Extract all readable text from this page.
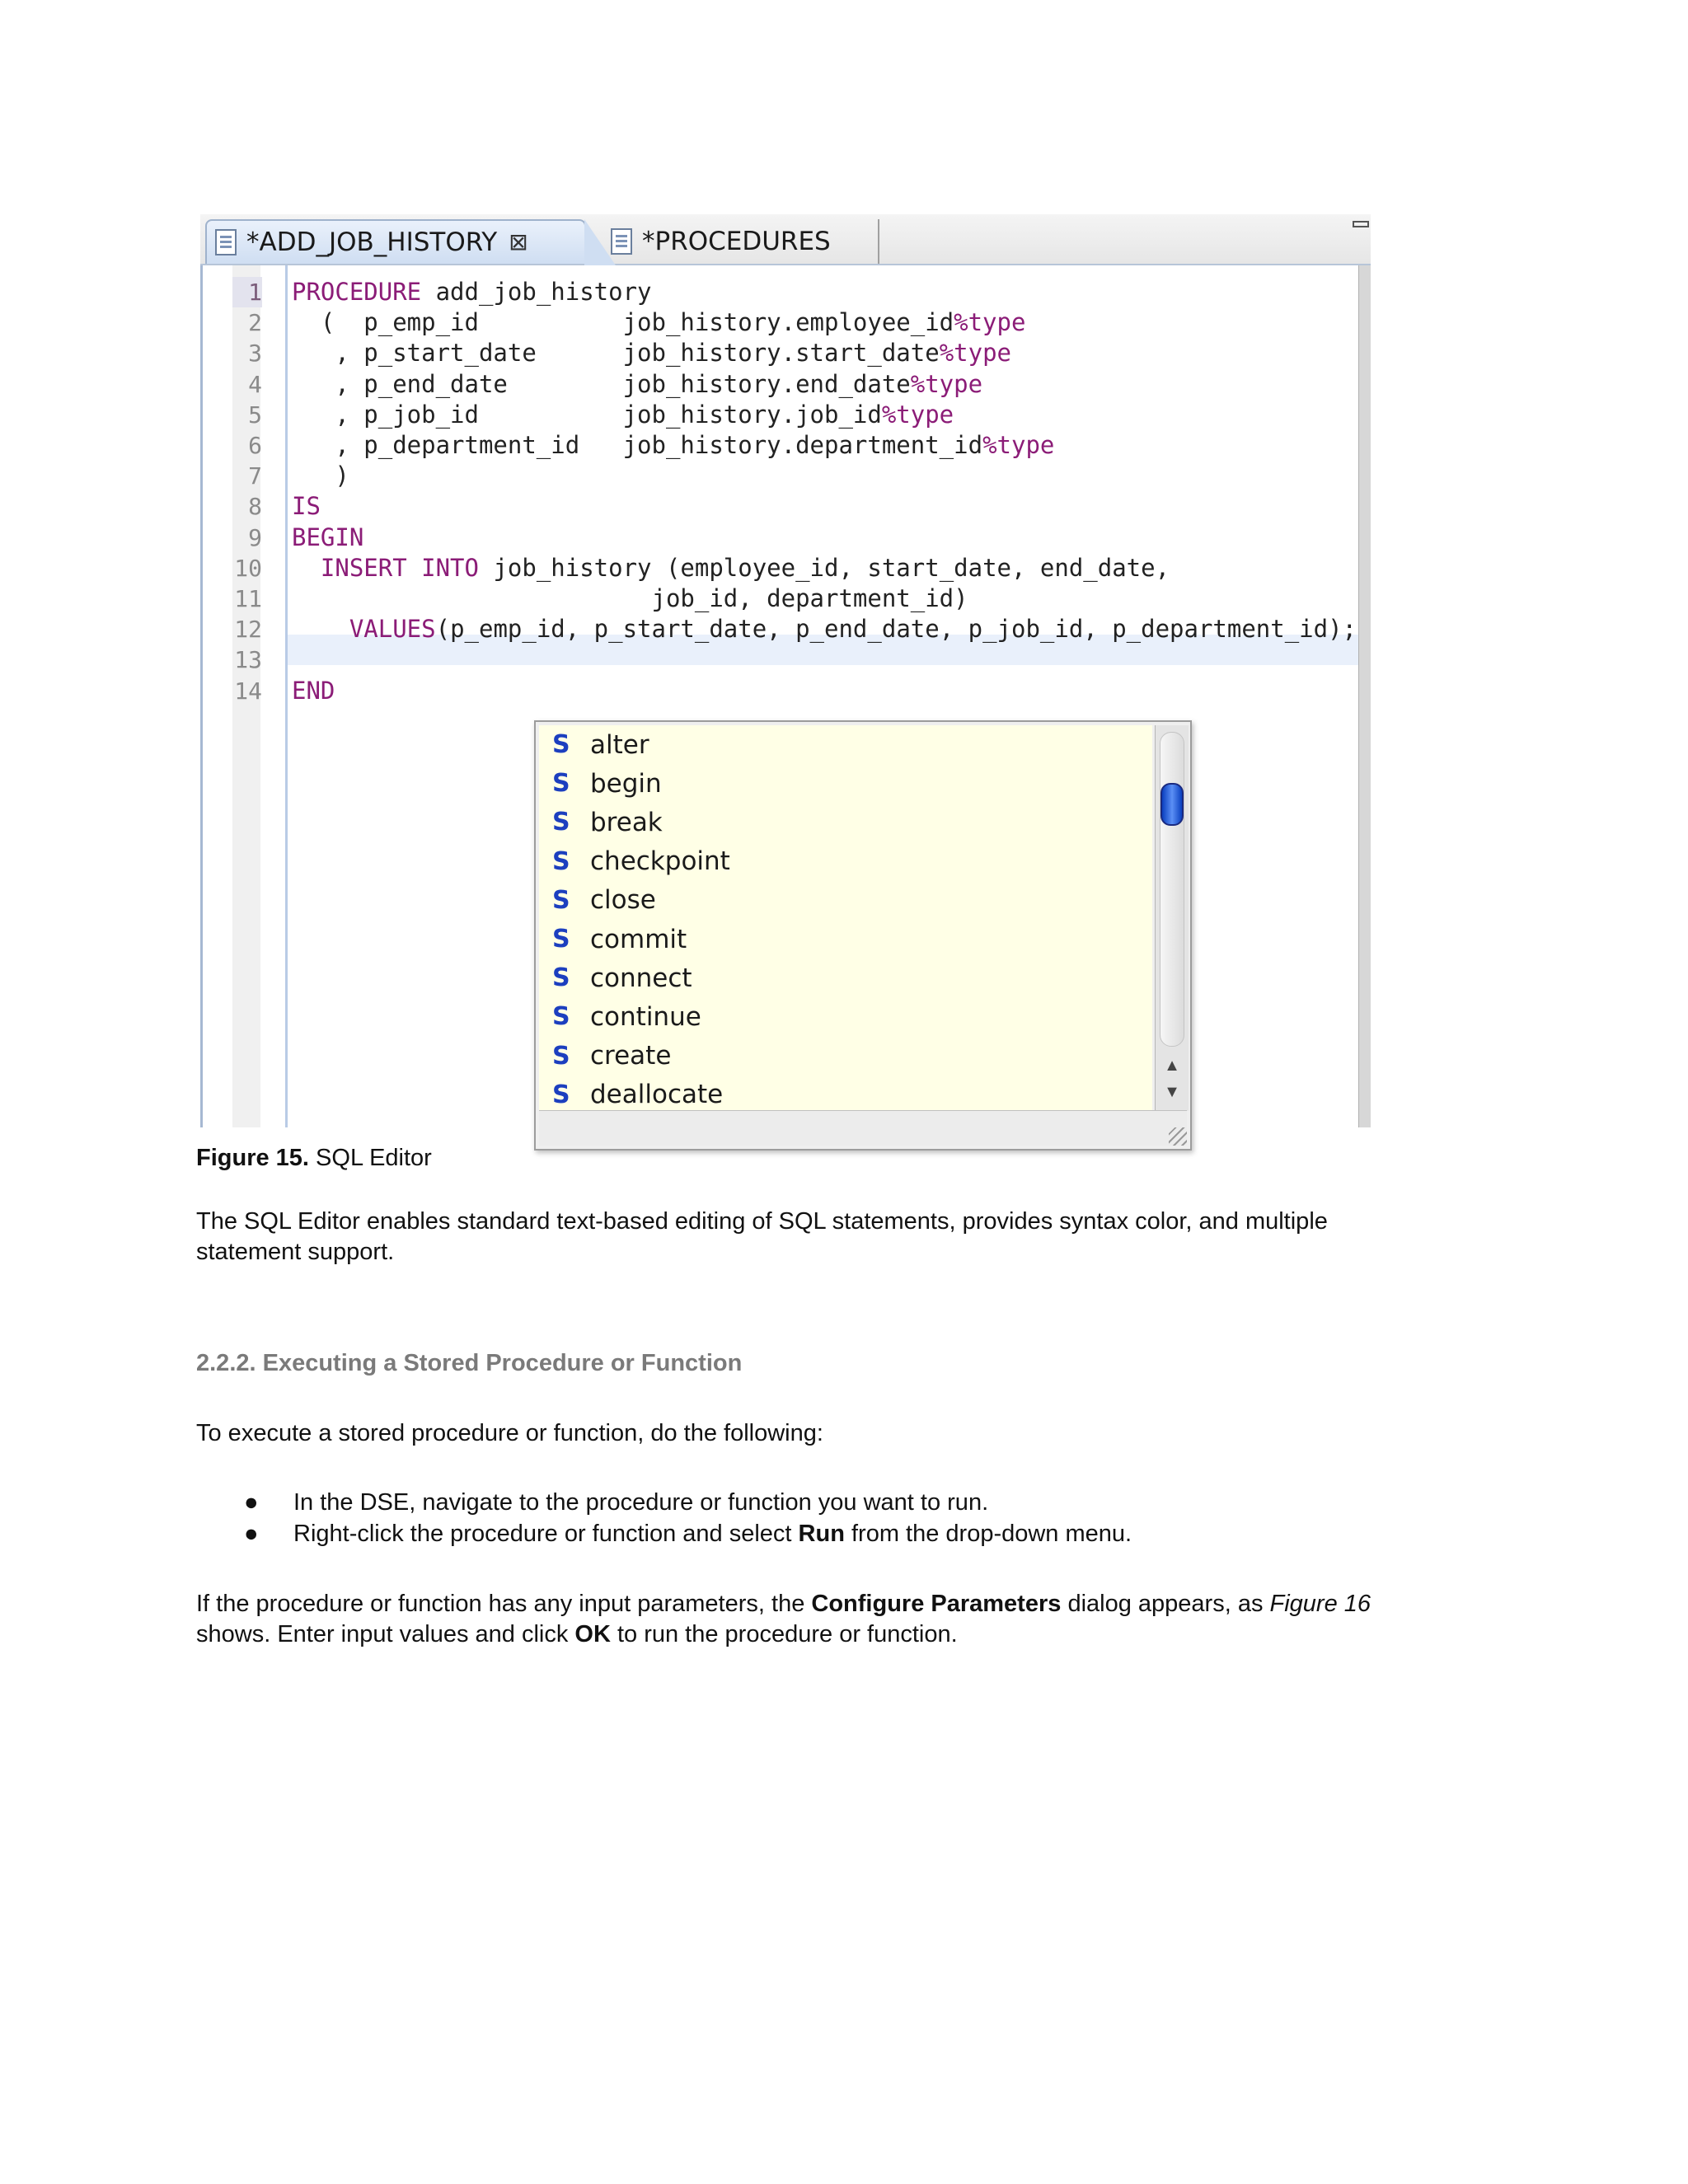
*ADD_JOB_HISTORY ⊠	*PROCEDURES
S alter
S begin
S break
S checkpoint
S close
S commit
S connect
S continue
S create
S deallocate
▲
▼
1 PROCEDURE add_job_history
2 (  p_emp_id          job_history.employee_id%type
3 , p_start_date      job_history.start_date%type
4 , p_end_date        job_history.end_date%type
5 , p_job_id          job_history.job_id%type
6 , p_department_id   job_history.department_id%type
7 )
8 IS
9 BEGIN
10 INSERT INTO job_history (employee_id, start_date, end_date,
11 job_id, department_id)
12 VALUES(p_emp_id, p_start_date, p_end_date, p_job_id, p_department_id);
13
14 END
Figure 15. SQL Editor
The SQL Editor enables standard text-based editing of SQL statements, provides syntax color, and multiple statement support.
2.2.2. Executing a Stored Procedure or Function
To execute a stored procedure or function, do the following:
● In the DSE, navigate to the procedure or function you want to run.
● Right-click the procedure or function and select Run from the drop-down menu.
If the procedure or function has any input parameters, the Configure Parameters dialog appears, as Figure 16 shows. Enter input values and click OK to run the procedure or function.
